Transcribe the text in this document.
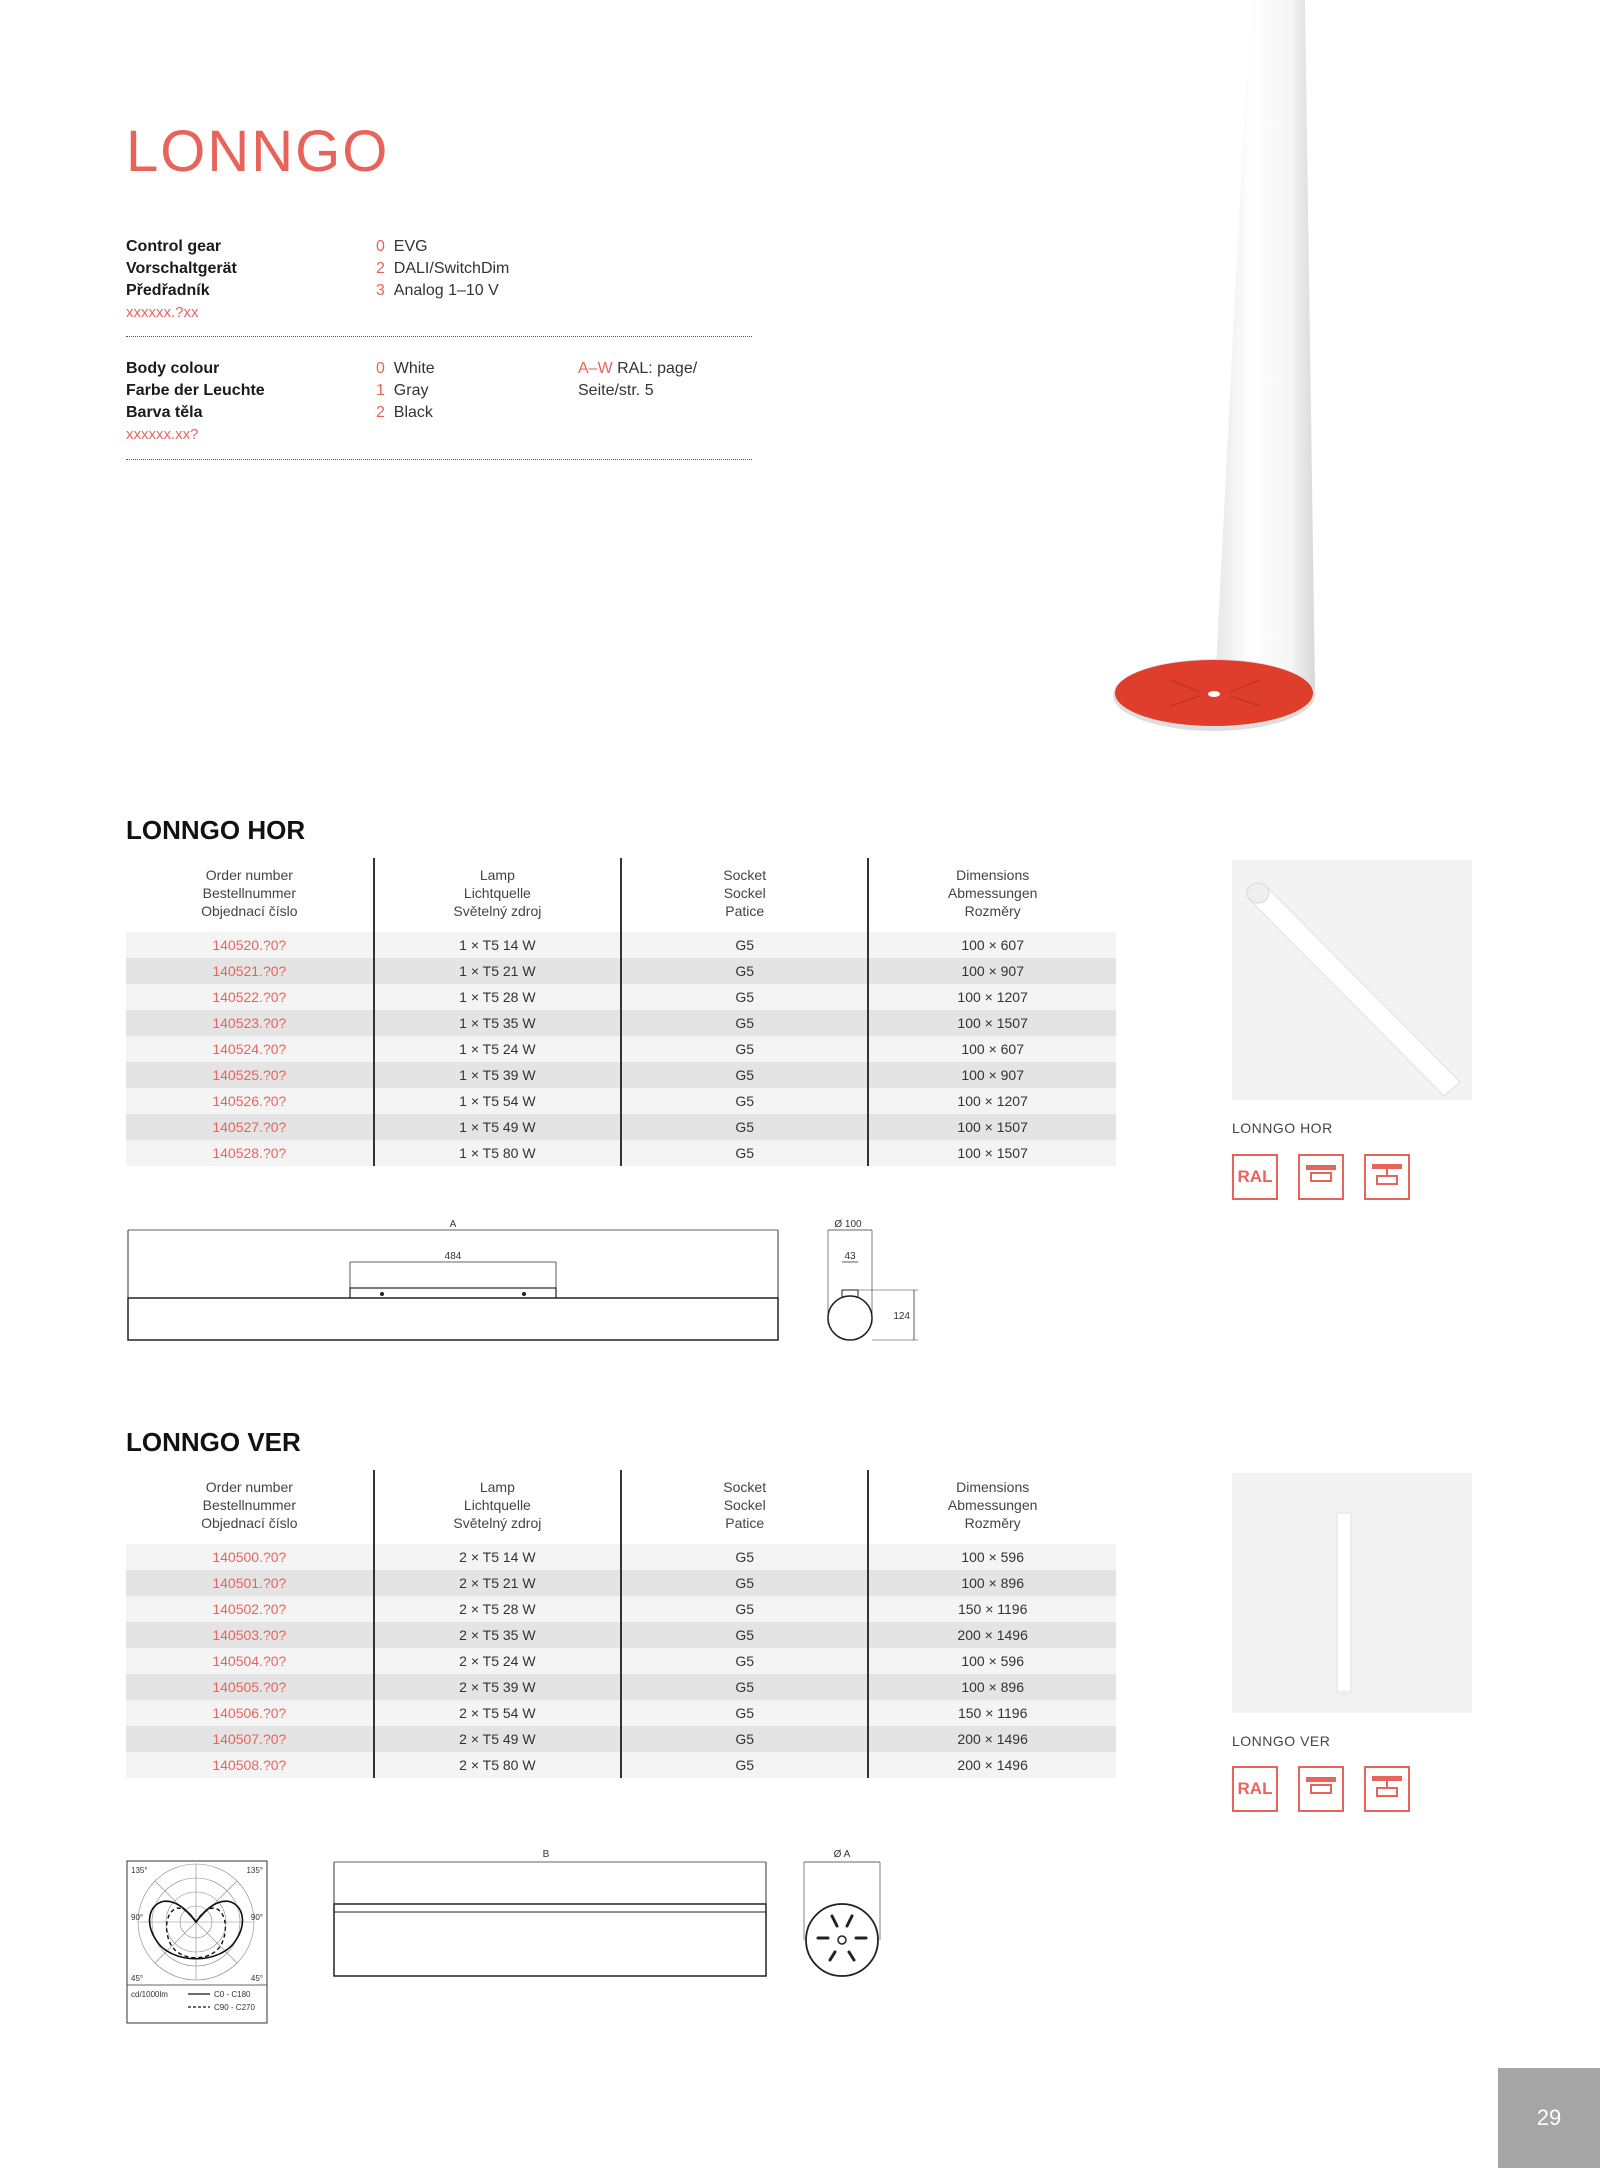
LONNGO
Control gear
Vorschaltgerät
Předřadník
xxxxxx.?xx
0 EVG
2 DALI/SwitchDim
3 Analog 1–10 V
Body colour
Farbe der Leuchte
Barva těla
xxxxxx.xx?
0 White
1 Gray
2 Black
A–W RAL: page/
Seite/str. 5
LONNGO HOR
Order number
Bestellnummer
Objednací číslo	Lamp
Lichtquelle
Světelný zdroj	Socket
Sockel
Patice	Dimensions
Abmessungen
Rozměry
140520.?0?	1 × T5 14 W	G5	100 × 607
140521.?0?	1 × T5 21 W	G5	100 × 907
140522.?0?	1 × T5 28 W	G5	100 × 1207
140523.?0?	1 × T5 35 W	G5	100 × 1507
140524.?0?	1 × T5 24 W	G5	100 × 607
140525.?0?	1 × T5 39 W	G5	100 × 907
140526.?0?	1 × T5 54 W	G5	100 × 1207
140527.?0?	1 × T5 49 W	G5	100 × 1507
140528.?0?	1 × T5 80 W	G5	100 × 1507
LONNGO HOR
RAL
A
484
Ø 100
43
124
LONNGO VER
Order number
Bestellnummer
Objednací číslo	Lamp
Lichtquelle
Světelný zdroj	Socket
Sockel
Patice	Dimensions
Abmessungen
Rozměry
140500.?0?	2 × T5 14 W	G5	100 × 596
140501.?0?	2 × T5 21 W	G5	100 × 896
140502.?0?	2 × T5 28 W	G5	150 × 1196
140503.?0?	2 × T5 35 W	G5	200 × 1496
140504.?0?	2 × T5 24 W	G5	100 × 596
140505.?0?	2 × T5 39 W	G5	100 × 896
140506.?0?	2 × T5 54 W	G5	150 × 1196
140507.?0?	2 × T5 49 W	G5	200 × 1496
140508.?0?	2 × T5 80 W	G5	200 × 1496
LONNGO VER
RAL
135°	135°
90°	90°
45°	45°
cd/1000lm	C0 - C180
C90 - C270
B	Ø A
29
